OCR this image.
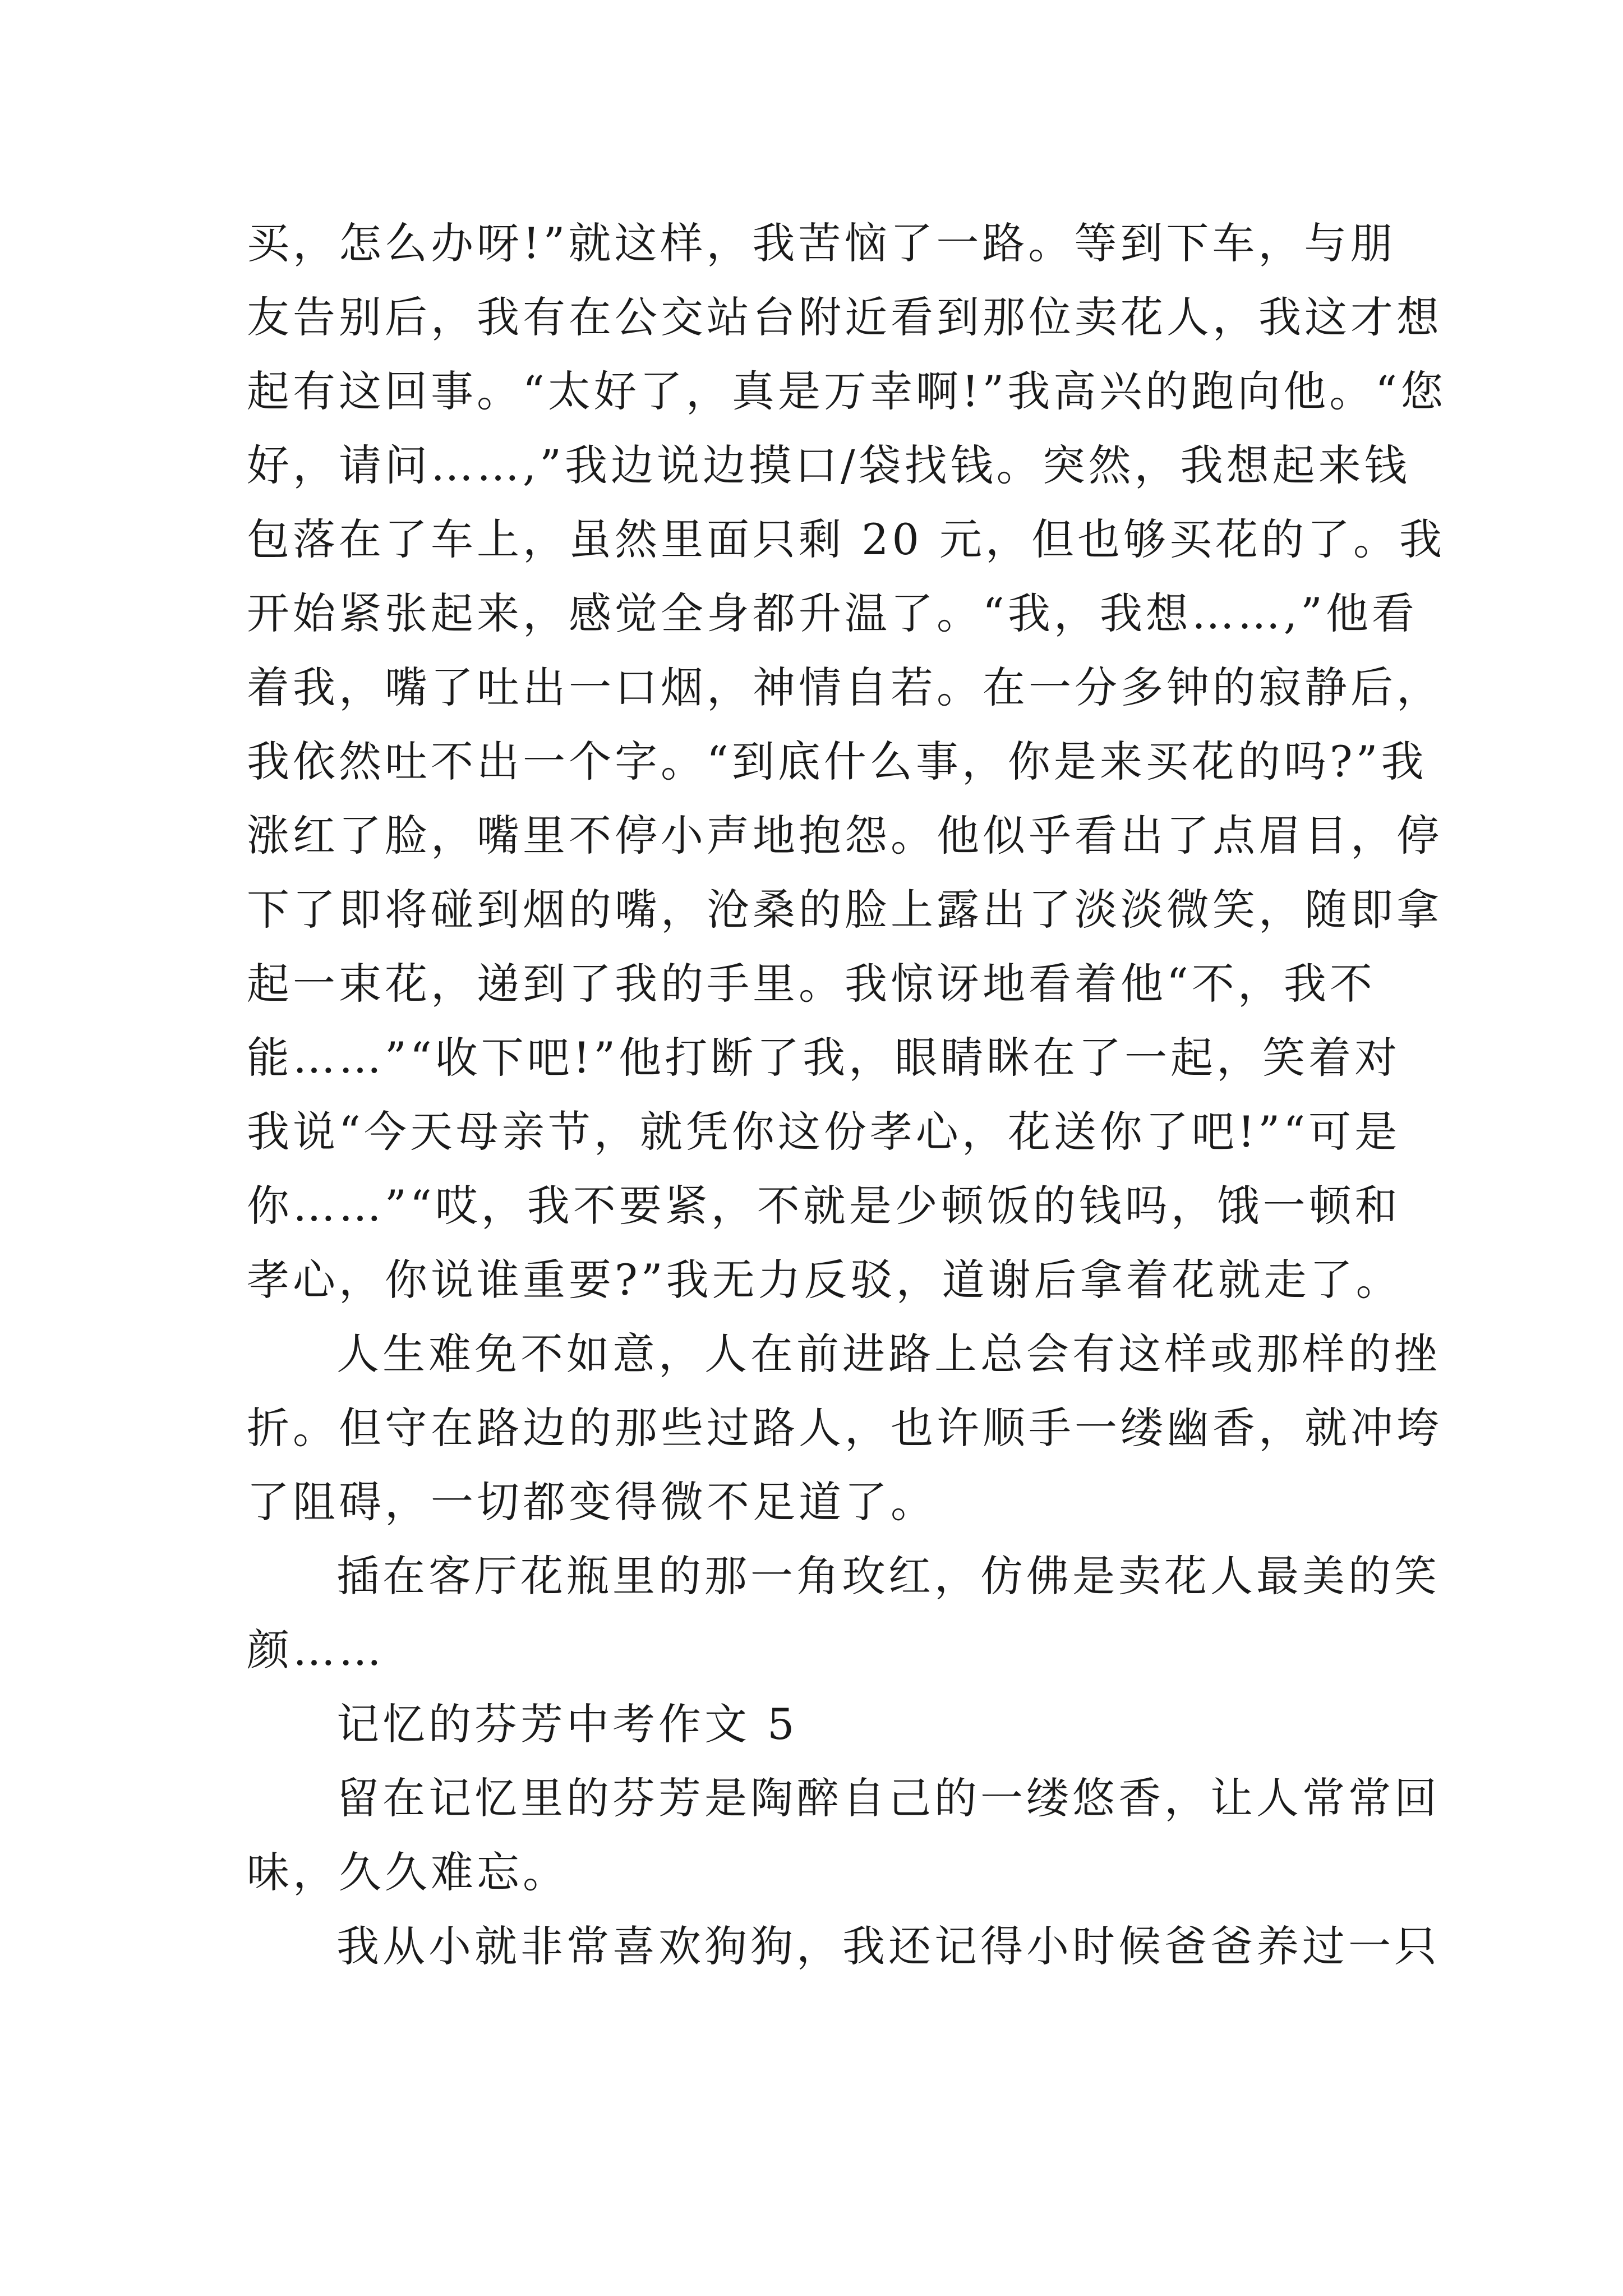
买，怎么办呀!”就这样，我苦恼了一路。等到下车，与朋
友告别后，我有在公交站台附近看到那位卖花人，我这才想
起有这回事。“太好了，真是万幸啊!”我高兴的跑向他。“您
好，请问……,”我边说边摸口/袋找钱。突然，我想起来钱
包落在了车上，虽然里面只剩 20 元，但也够买花的了。我
开始紧张起来，感觉全身都升温了。“我，我想……,”他看
着我，嘴了吐出一口烟，神情自若。在一分多钟的寂静后，
我依然吐不出一个字。“到底什么事，你是来买花的吗?”我
涨红了脸，嘴里不停小声地抱怨。他似乎看出了点眉目，停
下了即将碰到烟的嘴，沧桑的脸上露出了淡淡微笑，随即拿
起一束花，递到了我的手里。我惊讶地看着他“不，我不
能……”“收下吧!”他打断了我，眼睛眯在了一起，笑着对
我说“今天母亲节，就凭你这份孝心，花送你了吧!”“可是
你……”“哎，我不要紧，不就是少顿饭的钱吗，饿一顿和
孝心，你说谁重要?”我无力反驳，道谢后拿着花就走了。
人生难免不如意，人在前进路上总会有这样或那样的挫
折。但守在路边的那些过路人，也许顺手一缕幽香，就冲垮
了阻碍，一切都变得微不足道了。
插在客厅花瓶里的那一角玫红，仿佛是卖花人最美的笑
颜……
记忆的芬芳中考作文 5
留在记忆里的芬芳是陶醉自己的一缕悠香，让人常常回
味，久久难忘。
我从小就非常喜欢狗狗，我还记得小时候爸爸养过一只
